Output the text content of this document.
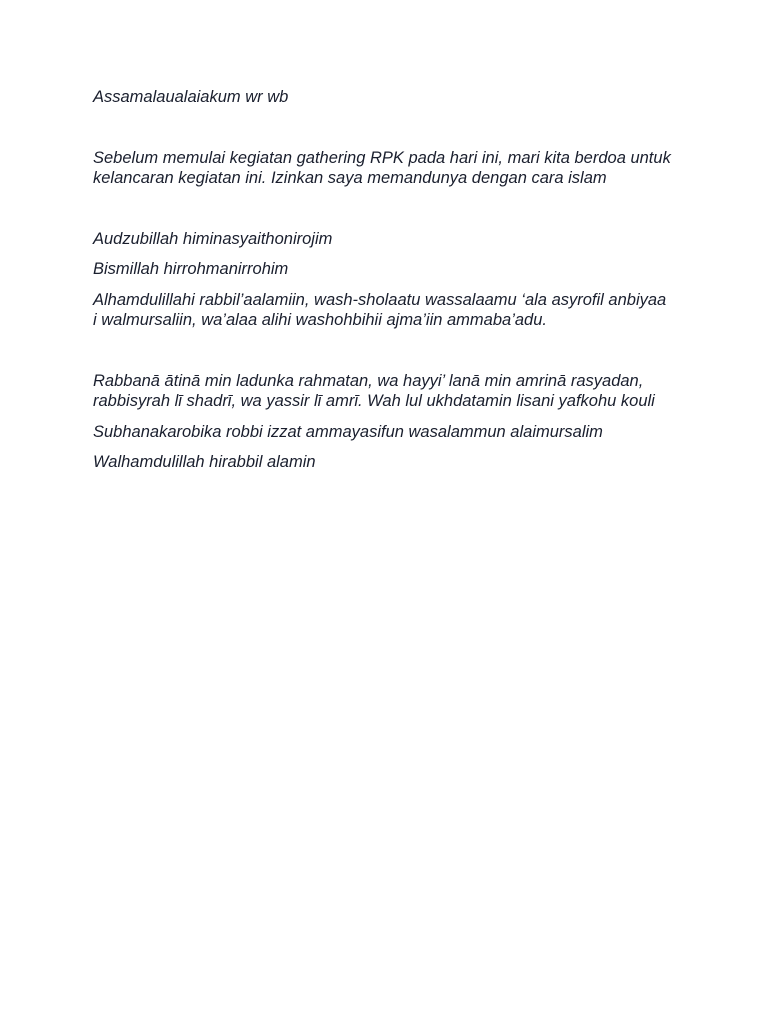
Assamalaualaiakum wr wb

Sebelum memulai kegiatan gathering RPK pada hari ini, mari kita berdoa untuk kelancaran kegiatan ini. Izinkan saya memandunya dengan cara islam

Audzubillah himinasyaithonirojim

Bismillah hirrohmanirrohim

Alhamdulillahi rabbil’aalamiin, wash-sholaatu wassalaamu ‘ala asyrofil anbiyaa i walmursaliin, wa’alaa alihi washohbihii ajma’iin ammaba’adu.

Rabbanā ātinā min ladunka rahmatan, wa hayyi’ lanā min amrinā rasyadan, rabbisyrah lī shadrī, wa yassir lī amrī. Wah lul ukhdatamin lisani yafkohu kouli

Subhanakarobika robbi izzat ammayasifun wasalammun alaimursalim

Walhamdulillah hirabbil alamin
